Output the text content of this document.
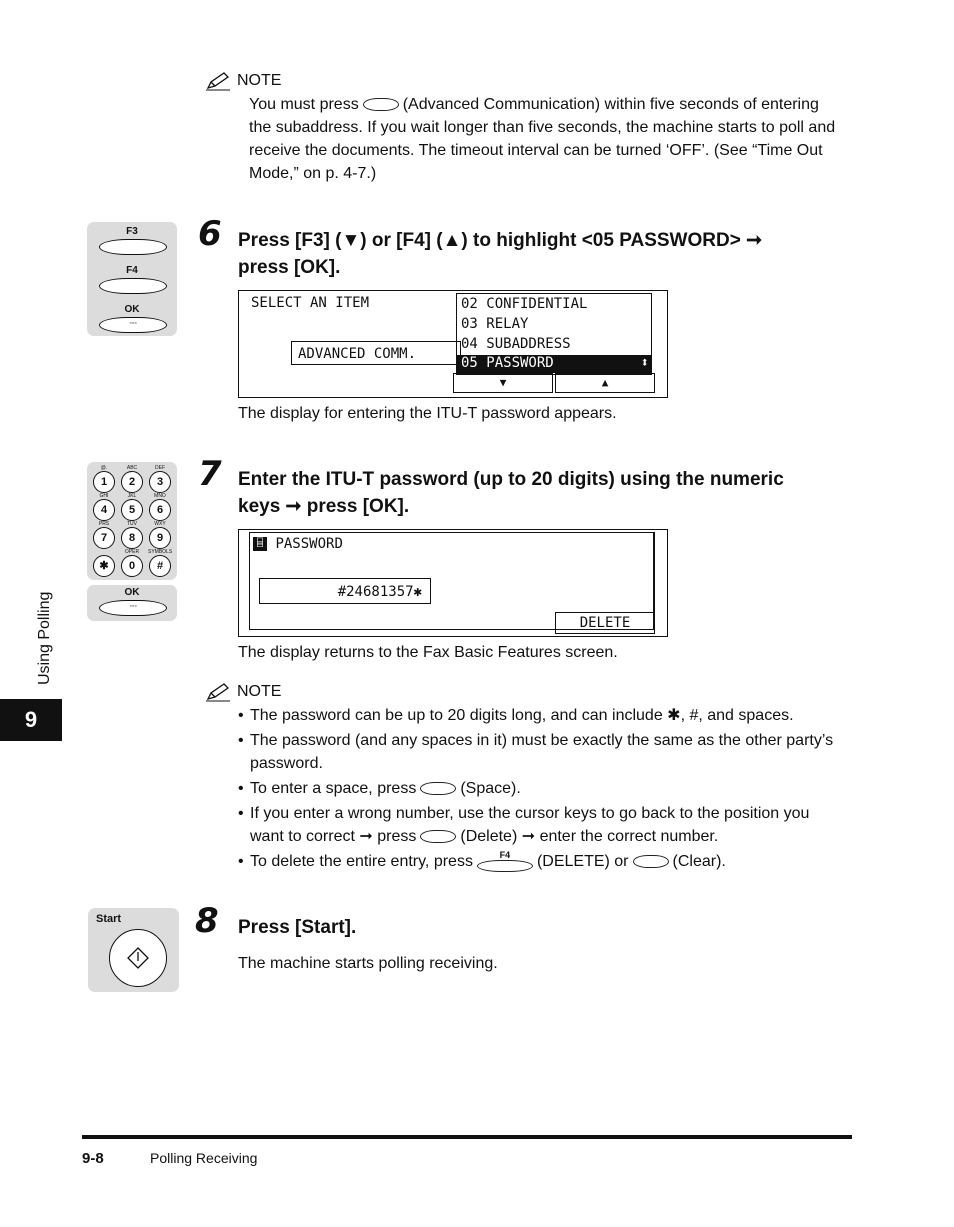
NOTE
You must press	(Advanced Communication) within five seconds of entering
the subaddress. If you wait longer than five seconds, the machine starts to poll and
receive the documents. The timeout interval can be turned ‘OFF’. (See “Time Out
Mode,” on p. 4-7.)
F3
F4
OK
◦◦◦
6 Press [F3] (▼) or [F4] (▲) to highlight <05 PASSWORD> ➞
press [OK].
SELECT AN ITEM
ADVANCED COMM.
02 CONFIDENTIAL
03 RELAY
04 SUBADDRESS
05 PASSWORD	⬍
▼	▲
The display for entering the ITU-T password appears.
@.	ABC	DEF
GHI	JKL	MNO
PRS	TUV	WXY
OPER	SYMBOLS
1	2	3
4	5	6
7	8	9
✱	0	#
OK
◦◦◦
7 Enter the ITU-T password (up to 20 digits) using the numeric
keys ➞ press [OK].
⌸ PASSWORD
#24681357✱
DELETE
The display returns to the Fax Basic Features screen.
NOTE
• The password can be up to 20 digits long, and can include ✱, #, and spaces.
• The password (and any spaces in it) must be exactly the same as the other party’s
password.
• To enter a space, press	(Space).
• If you enter a wrong number, use the cursor keys to go back to the position you
want to correct ➞ press	(Delete) ➞ enter the correct number.
• To delete the entire entry, press	F4 (DELETE) or	(Clear).
Start 8 Press [Start].
The machine starts polling receiving.
Using Polling
9
9-8	Polling Receiving
